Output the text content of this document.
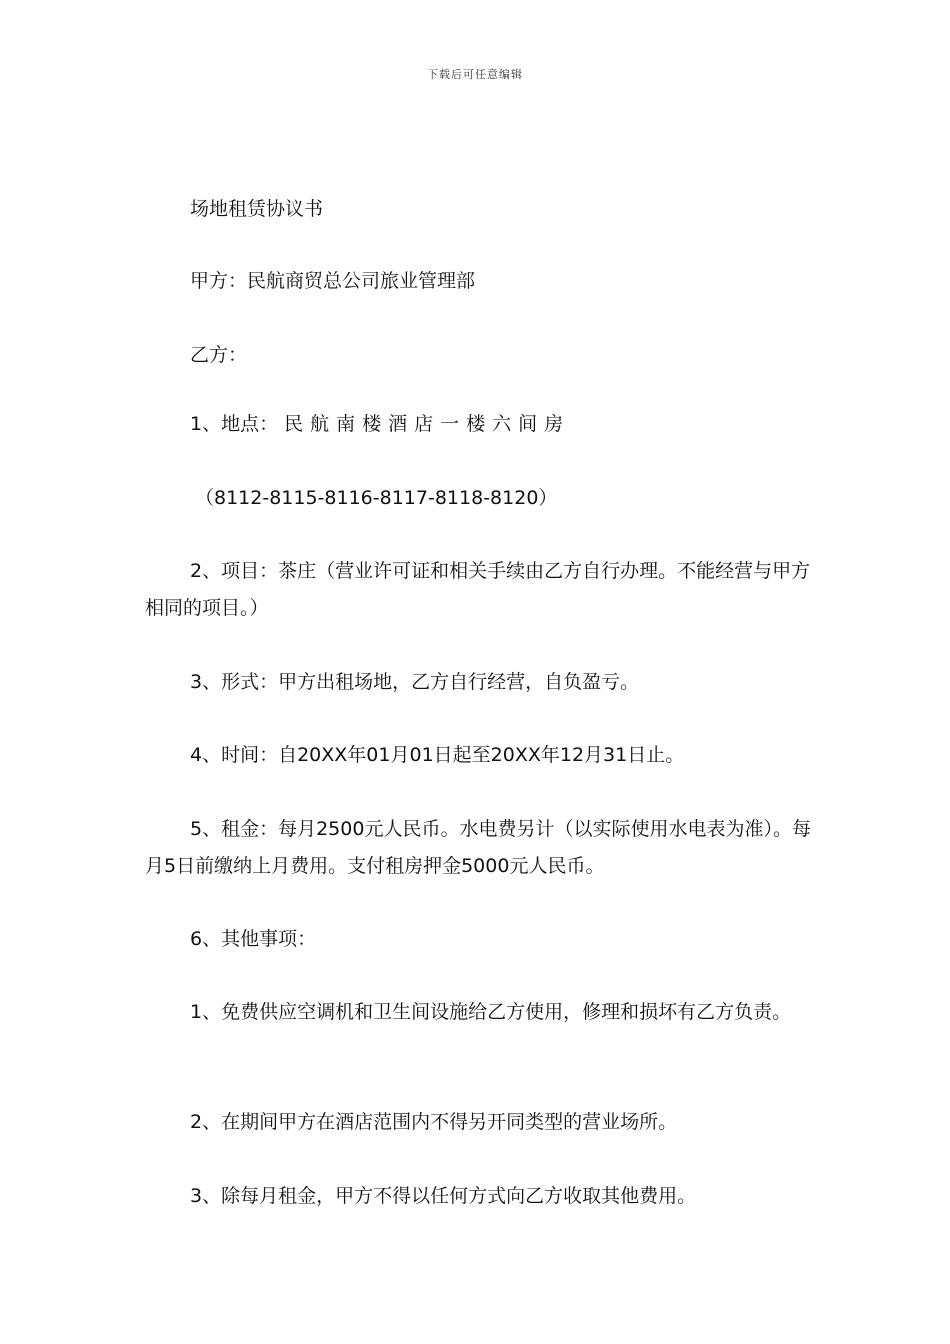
下载后可任意编辑
场地租赁协议书
甲方：民航商贸总公司旅业管理部
乙方：
1、地点： 民航南楼酒店一楼六间房
（8112-8115-8116-8117-8118-8120）
2、项目：茶庄（营业许可证和相关手续由乙方自行办理。不能经营与甲方相同的项目。）
3、形式：甲方出租场地，乙方自行经营，自负盈亏。
4、时间：自20XX年01月01日起至20XX年12月31日止。
5、租金：每月2500元人民币。水电费另计（以实际使用水电表为准）。每月5日前缴纳上月费用。支付租房押金5000元人民币。
6、其他事项：
1、免费供应空调机和卫生间设施给乙方使用，修理和损坏有乙方负责。
2、在期间甲方在酒店范围内不得另开同类型的营业场所。
3、除每月租金，甲方不得以任何方式向乙方收取其他费用。
